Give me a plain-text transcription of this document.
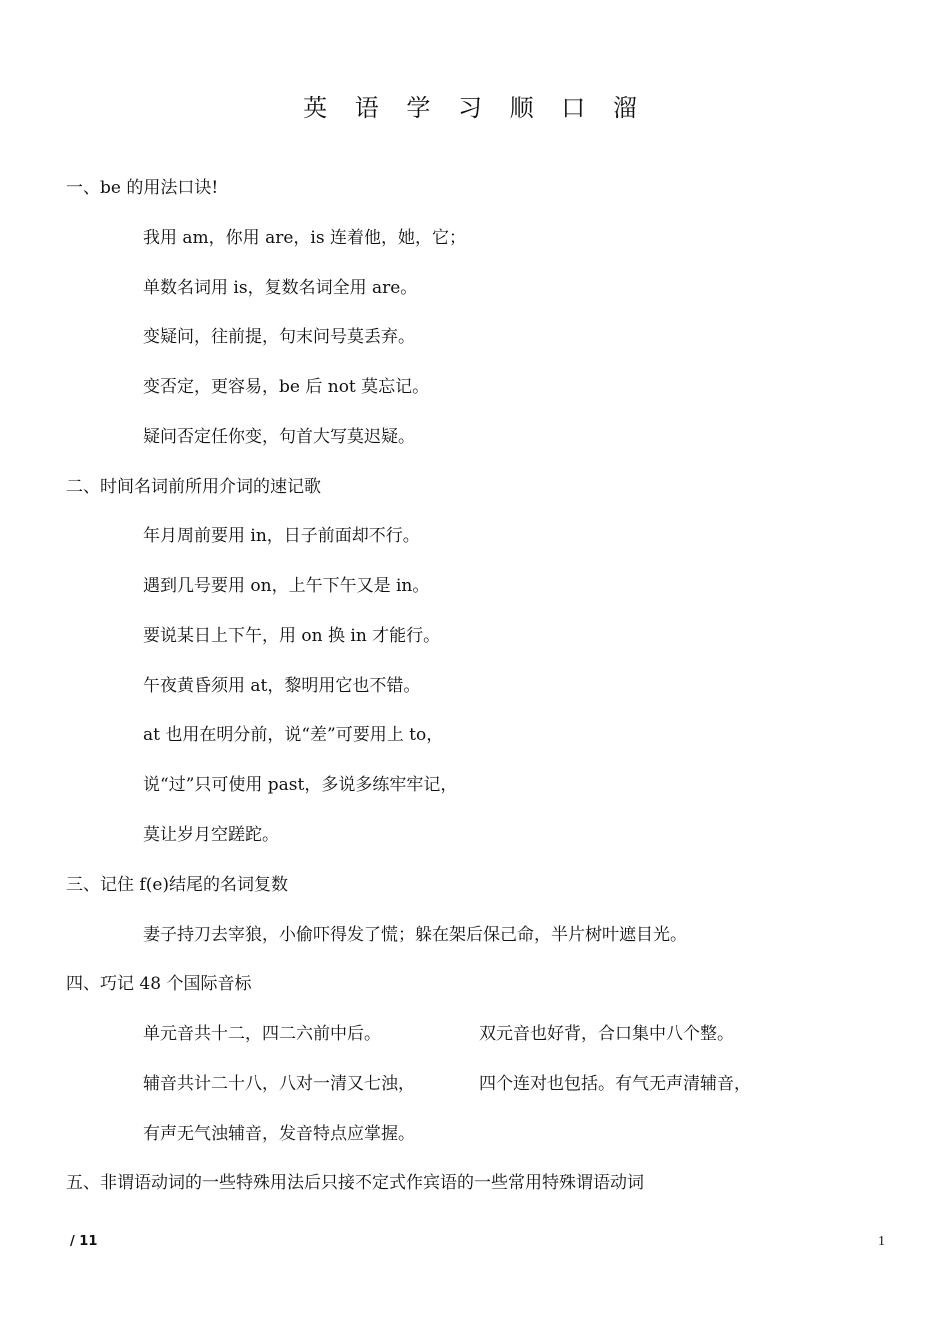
英 语 学 习 顺 口 溜
一、be 的用法口诀!
我用 am，你用 are，is 连着他，她，它；
单数名词用 is，复数名词全用 are。
变疑问，往前提，句末问号莫丢弃。
变否定，更容易，be 后 not 莫忘记。
疑问否定任你变，句首大写莫迟疑。
二、时间名词前所用介词的速记歌
年月周前要用 in，日子前面却不行。
遇到几号要用 on，上午下午又是 in。
要说某日上下午，用 on 换 in 才能行。
午夜黄昏须用 at，黎明用它也不错。
at 也用在明分前，说“差”可要用上 to，
说“过”只可使用 past，多说多练牢牢记，
莫让岁月空蹉跎。
三、记住 f(e)结尾的名词复数
妻子持刀去宰狼，小偷吓得发了慌；躲在架后保己命，半片树叶遮目光。
四、巧记 48 个国际音标
单元音共十二，四二六前中后。	双元音也好背，合口集中八个整。
辅音共计二十八，八对一清又七浊，	四个连对也包括。有气无声清辅音，
有声无气浊辅音，发音特点应掌握。
五、非谓语动词的一些特殊用法后只接不定式作宾语的一些常用特殊谓语动词
/ 11	1
